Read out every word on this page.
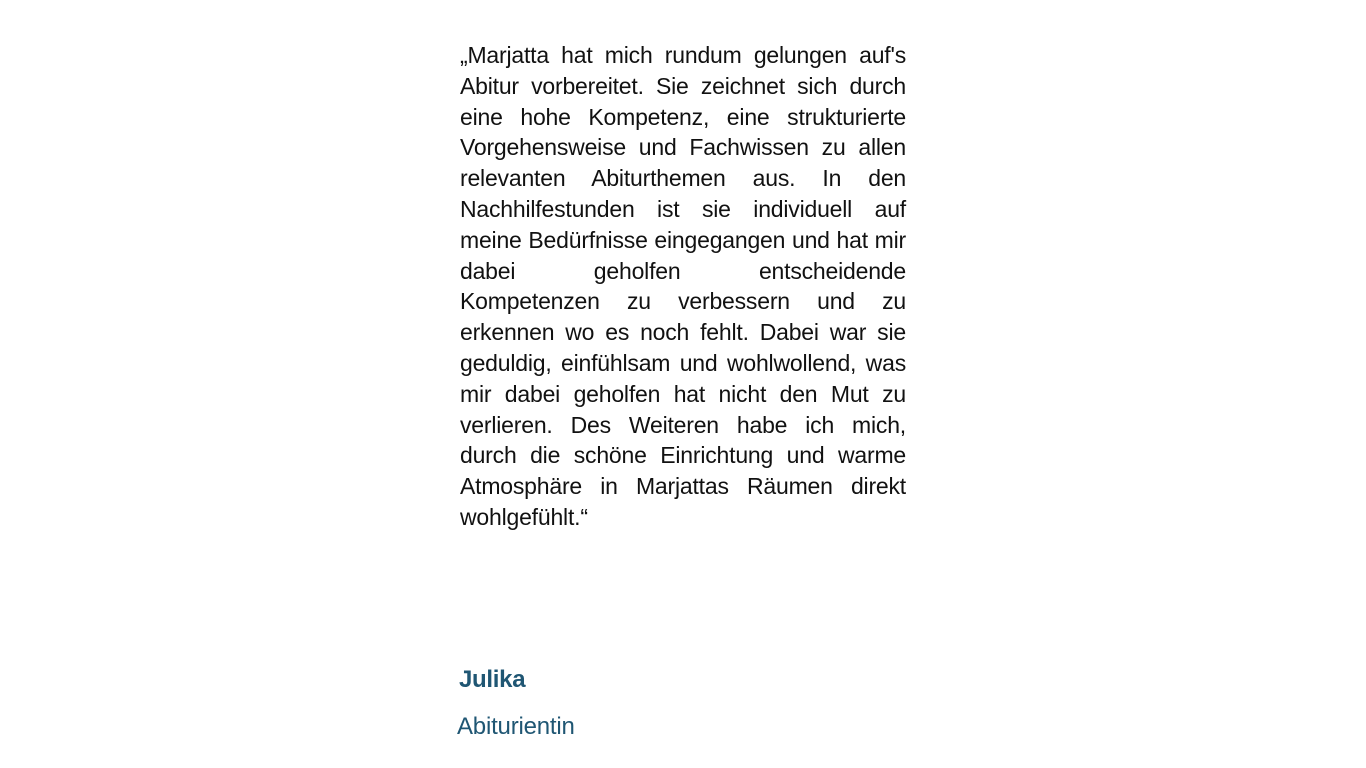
„Marjatta hat mich rundum gelungen auf's Abitur vorbereitet. Sie zeichnet sich durch eine hohe Kompetenz, eine strukturierte Vorgehensweise und Fachwissen zu allen relevanten Abiturthemen aus. In den Nachhilfestunden ist sie individuell auf meine Bedürfnisse eingegangen und hat mir dabei geholfen entscheidende Kompetenzen zu verbessern und zu erkennen wo es noch fehlt. Dabei war sie geduldig, einfühlsam und wohlwollend, was mir dabei geholfen hat nicht den Mut zu verlieren. Des Weiteren habe ich mich, durch die schöne Einrichtung und warme Atmosphäre in Marjattas Räumen direkt wohlgefühlt.“

Julika

Abiturientin
